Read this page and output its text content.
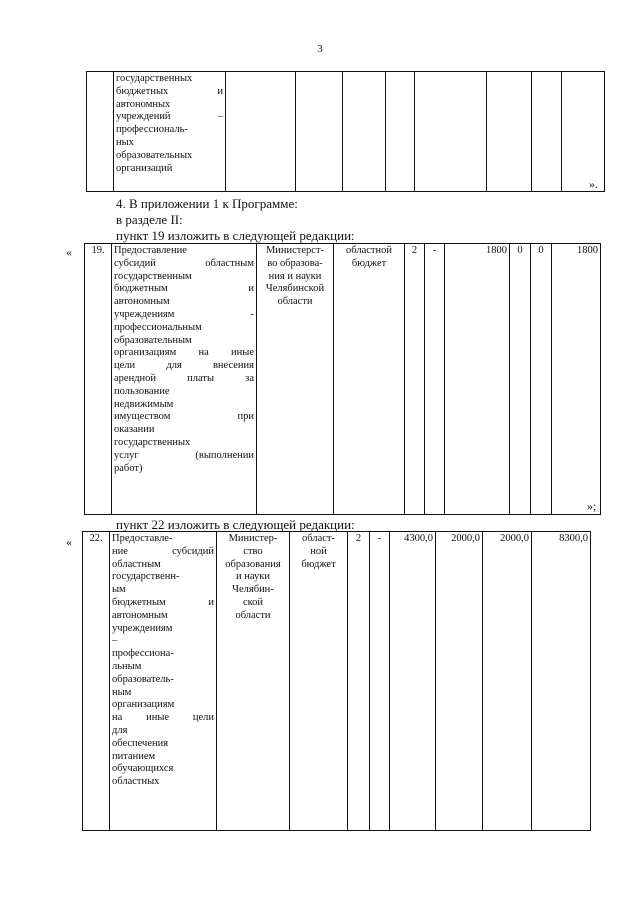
3

государственных
бюджетных и
автономных
учреждений –
профессиональ-
ных
образовательных
организаций

».
4. В приложении 1 к Программе:
в разделе II:
пункт 19 изложить в следующей редакции:
« 19.	Предоставление
субсидий областным
государственным
бюджетным и
автономным
учреждениям -
профессиональным
образовательным
организациям на иные
цели для внесения
арендной платы за
пользование
недвижимым
имуществом при
оказании
государственных
услуг (выполнении
работ)
	Министерст-
во образова-
ния и науки
Челябинской
области	областной
бюджет	2	-	1800	0	0	1800
»;
пункт 22 изложить в следующей редакции:
« 22.	Предоставле-
ние субсидий
областным
государственн-
ым
бюджетным и
автономным
учреждениям
–
профессиона-
льным
образователь-
ным
организациям
на иные цели
для
обеспечения
питанием
обучающихся
областных
	Министер-
ство
образования
и науки
Челябин-
ской
области	област-
ной
бюджет	2	-	4300,0	2000,0	2000,0	8300,0
